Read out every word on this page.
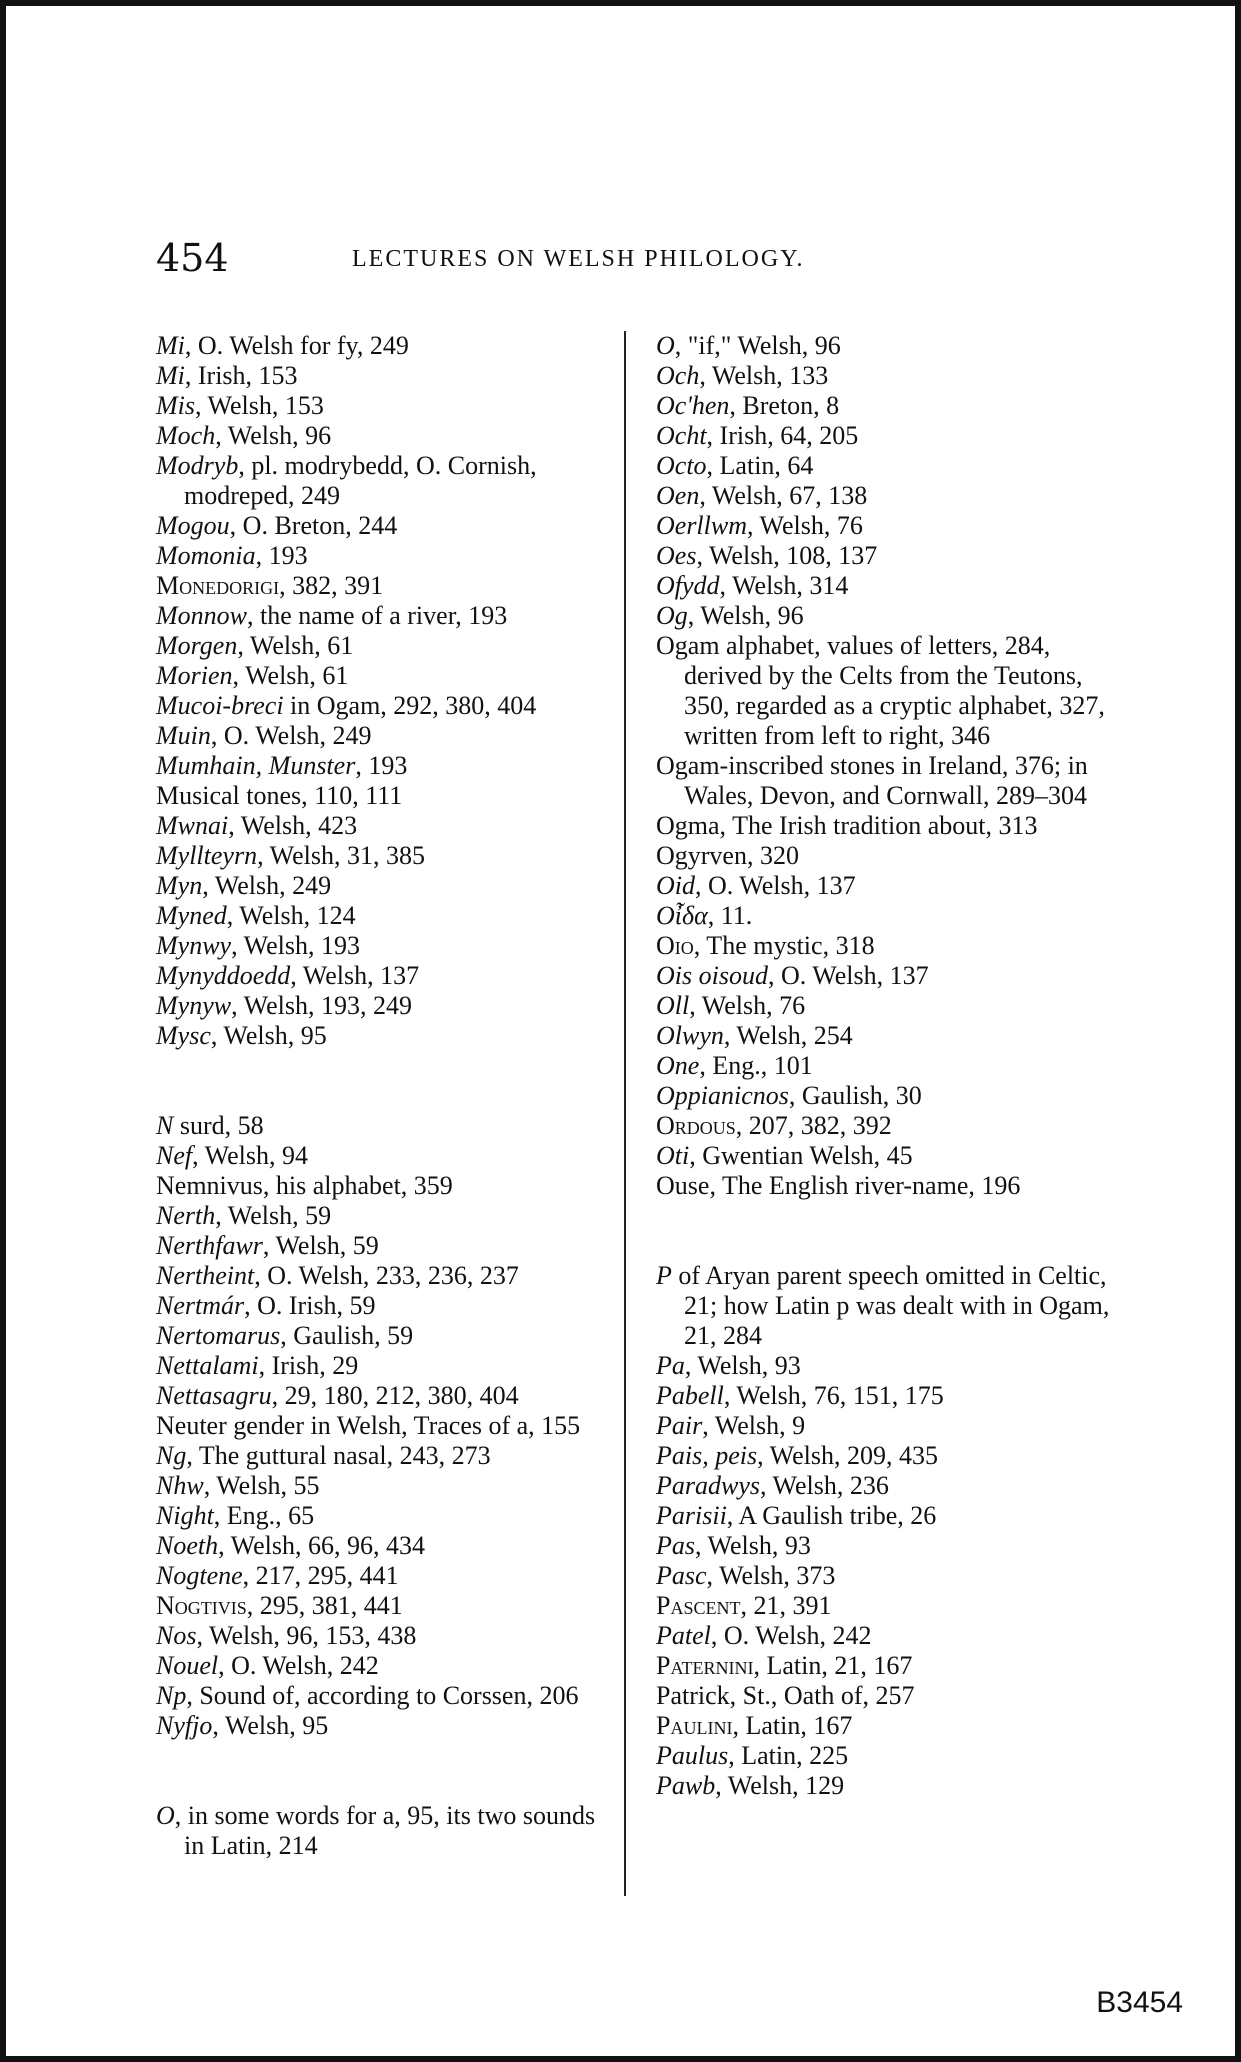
454	LECTURES ON WELSH PHILOLOGY.

Mi, O. Welsh for fy, 249

Mi, Irish, 153

Mis, Welsh, 153

Moch, Welsh, 96

Modryb, pl. modrybedd, O. Cornish, modreped, 249

Mogou, O. Breton, 244

Momonia, 193

Monedorigi, 382, 391

Monnow, the name of a river, 193

Morgen, Welsh, 61

Morien, Welsh, 61

Mucoi-breci in Ogam, 292, 380, 404

Muin, O. Welsh, 249

Mumhain, Munster, 193

Musical tones, 110, 111

Mwnai, Welsh, 423

Myllteyrn, Welsh, 31, 385

Myn, Welsh, 249

Myned, Welsh, 124

Mynwy, Welsh, 193

Mynyddoedd, Welsh, 137

Mynyw, Welsh, 193, 249

Mysc, Welsh, 95

N surd, 58

Nef, Welsh, 94

Nemnivus, his alphabet, 359

Nerth, Welsh, 59

Nerthfawr, Welsh, 59

Nertheint, O. Welsh, 233, 236, 237

Nertmár, O. Irish, 59

Nertomarus, Gaulish, 59

Nettalami, Irish, 29

Nettasagru, 29, 180, 212, 380, 404

Neuter gender in Welsh, Traces of a, 155

Ng, The guttural nasal, 243, 273

Nhw, Welsh, 55

Night, Eng., 65

Noeth, Welsh, 66, 96, 434

Nogtene, 217, 295, 441

Nogtivis, 295, 381, 441

Nos, Welsh, 96, 153, 438

Nouel, O. Welsh, 242

Np, Sound of, according to Corssen, 206

Nyfjo, Welsh, 95

O, in some words for a, 95, its two sounds in Latin, 214

O, "if," Welsh, 96

Och, Welsh, 133

Oc'hen, Breton, 8

Ocht, Irish, 64, 205

Octo, Latin, 64

Oen, Welsh, 67, 138

Oerllwm, Welsh, 76

Oes, Welsh, 108, 137

Ofydd, Welsh, 314

Og, Welsh, 96

Ogam alphabet, values of letters, 284, derived by the Celts from the Teutons, 350, regarded as a cryptic alphabet, 327, written from left to right, 346

Ogam-inscribed stones in Ireland, 376; in Wales, Devon, and Cornwall, 289–304

Ogma, The Irish tradition about, 313

Ogyrven, 320

Oid, O. Welsh, 137

Οἶδα, 11.

Oio, The mystic, 318

Ois oisoud, O. Welsh, 137

Oll, Welsh, 76

Olwyn, Welsh, 254

One, Eng., 101

Oppianicnos, Gaulish, 30

Ordous, 207, 382, 392

Oti, Gwentian Welsh, 45

Ouse, The English river-name, 196

P of Aryan parent speech omitted in Celtic, 21; how Latin p was dealt with in Ogam, 21, 284

Pa, Welsh, 93

Pabell, Welsh, 76, 151, 175

Pair, Welsh, 9

Pais, peis, Welsh, 209, 435

Paradwys, Welsh, 236

Parisii, A Gaulish tribe, 26

Pas, Welsh, 93

Pasc, Welsh, 373

Pascent, 21, 391

Patel, O. Welsh, 242

Paternini, Latin, 21, 167

Patrick, St., Oath of, 257

Paulini, Latin, 167

Paulus, Latin, 225

Pawb, Welsh, 129

B3454
